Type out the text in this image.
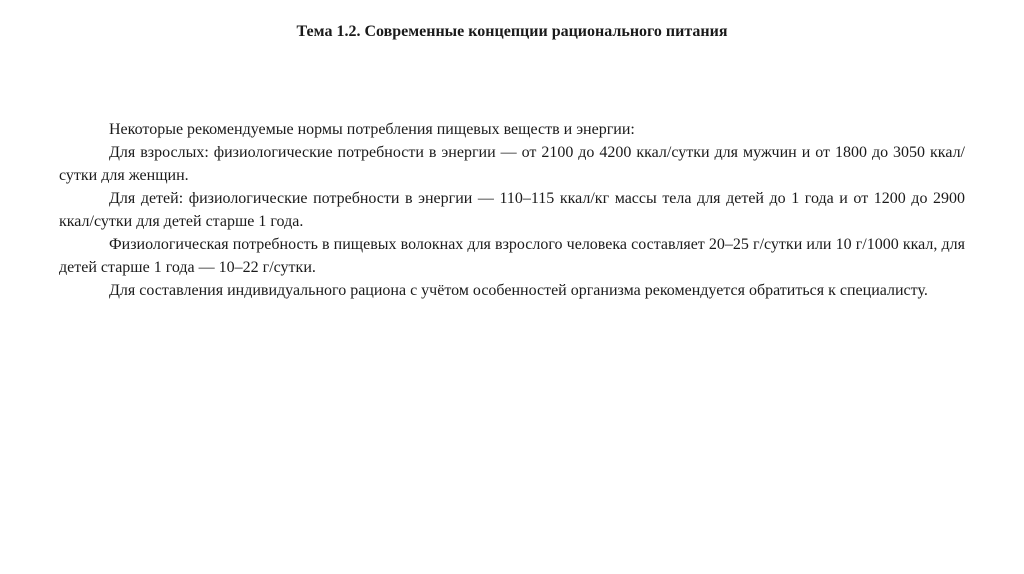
Тема 1.2. Современные концепции рационального питания

Некоторые рекомендуемые нормы потребления пищевых веществ и энергии:

Для взрослых: физиологические потребности в энергии — от 2100 до 4200 ккал/сутки для мужчин и от 1800 до 3050 ккал/сутки для женщин.

Для детей: физиологические потребности в энергии — 110–115 ккал/кг массы тела для детей до 1 года и от 1200 до 2900 ккал/сутки для детей старше 1 года.

Физиологическая потребность в пищевых волокнах для взрослого человека составляет 20–25 г/сутки или 10 г/1000 ккал, для детей старше 1 года — 10–22 г/сутки.

Для составления индивидуального рациона с учётом особенностей организма рекомендуется обратиться к специалисту.
